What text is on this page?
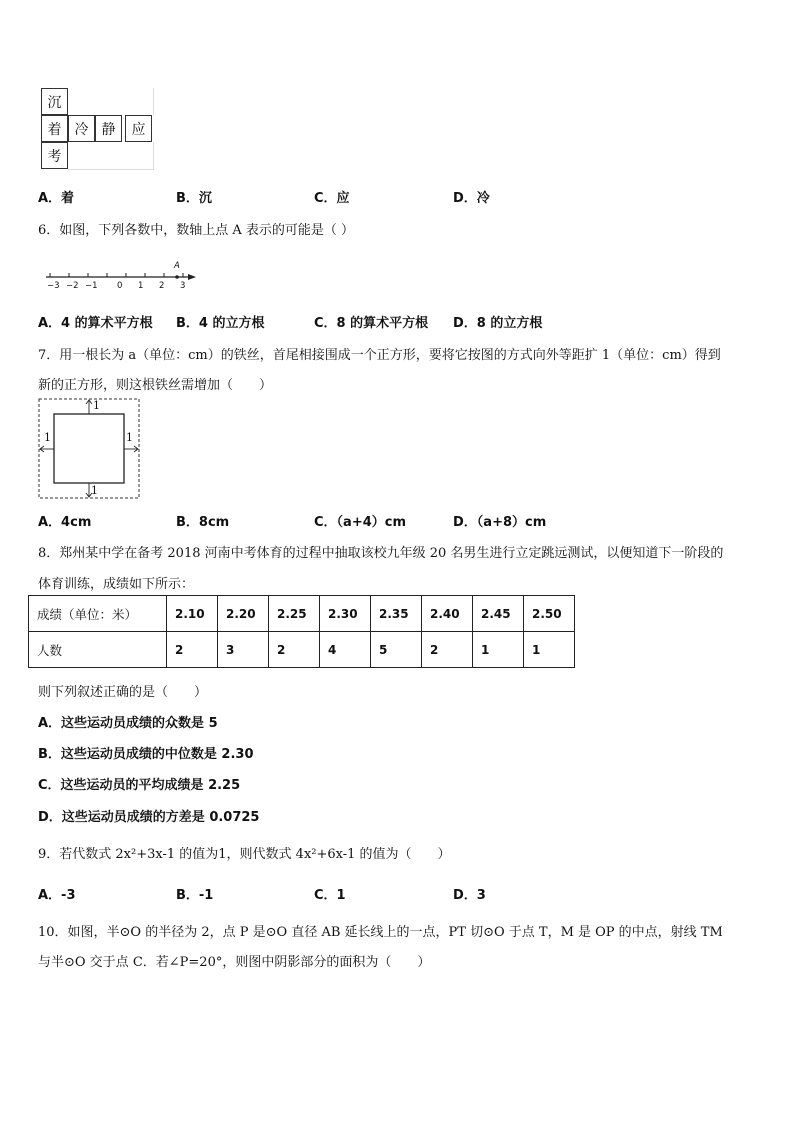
沉
着 冷 静	应
考
A．着	B．沉	C．应	D．冷
6．如图，下列各数中，数轴上点 A 表示的可能是（ ）
−3 −2 −1 0 1 2 3
A
A．4 的算术平方根 B．4 的立方根	C．8 的算术平方根 D．8 的立方根
7．用一根长为 a（单位：cm）的铁丝，首尾相接围成一个正方形，要将它按图的方式向外等距扩 1（单位：cm）得到
新的正方形，则这根铁丝需增加（　　）
1
1	1
1
A．4cm	B．8cm	C．（a+4）cm	D．（a+8）cm
8．郑州某中学在备考 2018 河南中考体育的过程中抽取该校九年级 20 名男生进行立定跳远测试，以便知道下一阶段的
体育训练，成绩如下所示：
成绩（单位：米）	2.10	2.20	2.25	2.30	2.35	2.40	2.45	2.50
人数	2	3	2	4	5	2	1	1
则下列叙述正确的是（　　）
A．这些运动员成绩的众数是 5
B．这些运动员成绩的中位数是 2.30
C．这些运动员的平均成绩是 2.25
D．这些运动员成绩的方差是 0.0725
9．若代数式 2x²+3x-1 的值为1，则代数式 4x²+6x-1 的值为（　　）
A．-3	B．-1	C．1	D．3
10．如图，半⊙O 的半径为 2，点 P 是⊙O 直径 AB 延长线上的一点，PT 切⊙O 于点 T，M 是 OP 的中点，射线 TM
与半⊙O 交于点 C．若∠P=20°，则图中阴影部分的面积为（　　）
